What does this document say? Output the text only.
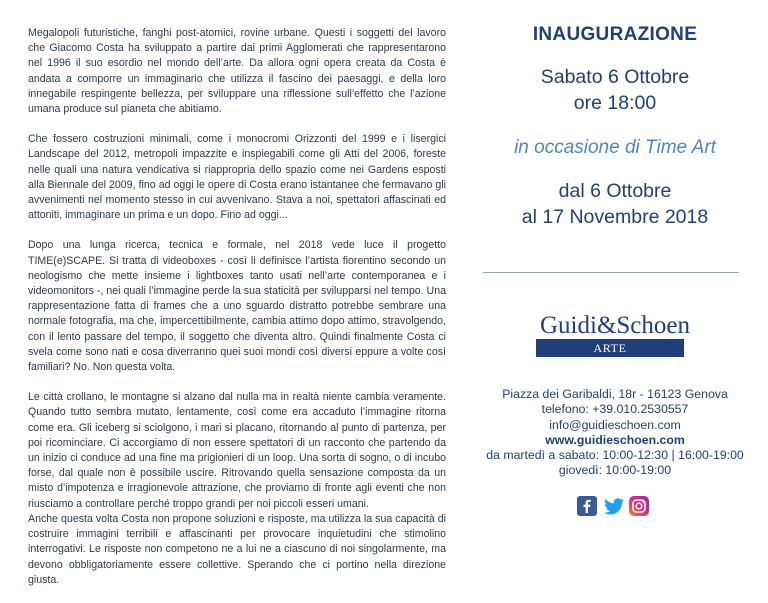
Megalopoli futuristiche, fanghi post-atomici, rovine urbane. Questi i soggetti del lavoro che Giacomo Costa ha sviluppato a partire dai primi Agglomerati che rappresentarono nel 1996 il suo esordio nel mondo dell’arte. Da allora ogni opera creata da Costa è andata a comporre un immaginario che utilizza il fascino dei paesaggi, e della loro innegabile respingente bellezza, per sviluppare una riflessione sull’effetto che l’azione umana produce sul pianeta che abitiamo.

Che fossero costruzioni minimali, come i monocromi Orizzonti del 1999 e i lisergici Landscape del 2012, metropoli impazzite e inspiegabili come gli Atti del 2006, foreste nelle quali una natura vendicativa si riappropria dello spazio come nei Gardens esposti alla Biennale del 2009, fino ad oggi le opere di Costa erano istantanee che fermavano gli avvenimenti nel momento stesso in cui avvenivano. Stava a noi, spettatori affascinati ed attoniti, immaginare un prima e un dopo. Fino ad oggi...

Dopo una lunga ricerca, tecnica e formale, nel 2018 vede luce il progetto TIME(e)SCAPE. Si tratta di videoboxes - così li definisce l’artista fiorentino secondo un neologismo che mette insieme i lightboxes tanto usati nell’arte contemporanea e i videomonitors -, nei quali l’immagine perde la sua staticità per svilupparsi nel tempo. Una rappresentazione fatta di frames che a uno sguardo distratto potrebbe sembrare una normale fotografia, ma che, impercettibilmente, cambia attimo dopo attimo, stravolgendo, con il lento passare del tempo, il soggetto che diventa altro. Quindi finalmente Costa ci svela come sono nati e cosa diverranno quei suoi mondi così diversi eppure a volte così familiari? No. Non questa volta.

Le città crollano, le montagne si alzano dal nulla ma in realtà niente cambia veramente. Quando tutto sembra mutato, lentamente, così come era accaduto l’immagine ritorna come era. Gli iceberg si sciolgono, i mari si placano, ritornando al punto di partenza, per poi ricominciare. Ci accorgiamo di non essere spettatori di un racconto che partendo da un inizio ci conduce ad una fine ma prigionieri di un loop. Una sorta di sogno, o di incubo forse, dal quale non è possibile uscire. Ritrovando quella sensazione composta da un misto d’impotenza e irragionevole attrazione, che proviamo di fronte agli eventi che non riusciamo a controllare perché troppo grandi per noi piccoli esseri umani.

Anche questa volta Costa non propone soluzioni e risposte, ma utilizza la sua capacità di costruire immagini terribili e affascinanti per provocare inquietudini che stimolino interrogativi. Le risposte non competono ne a lui ne a ciascuno di noi singolarmente, ma devono obbligatoriamente essere collettive. Sperando che ci portino nella direzione giusta.

INAUGURAZIONE
Sabato 6 Ottobre
ore 18:00
in occasione di Time Art
dal 6 Ottobre
al 17 Novembre 2018
Guidi&Schoen
ARTE CONTEMPORANEA
Piazza dei Garibaldi, 18r - 16123 Genova
telefono: +39.010.2530557
info@guidieschoen.com
www.guidieschoen.com
da martedì a sabato: 10:00-12:30 | 16:00-19:00
giovedì: 10:00-19:00
